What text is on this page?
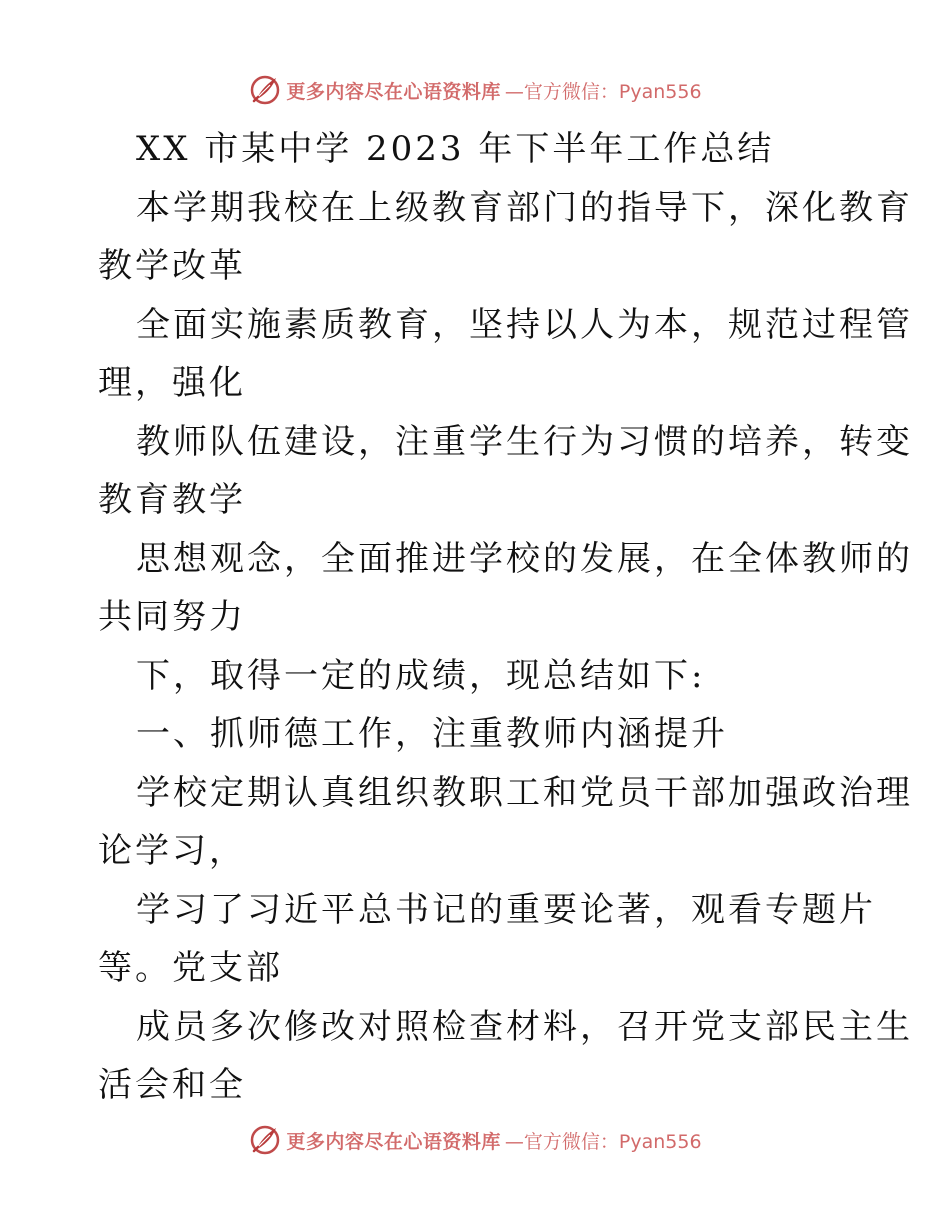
更多内容尽在心语资料库 —官方微信：Pyan556
XX 市某中学 2023 年下半年工作总结
本学期我校在上级教育部门的指导下，深化教育
教学改革
全面实施素质教育，坚持以人为本，规范过程管
理，强化
教师队伍建设，注重学生行为习惯的培养，转变
教育教学
思想观念，全面推进学校的发展，在全体教师的
共同努力
下，取得一定的成绩，现总结如下:
一、抓师德工作，注重教师内涵提升
学校定期认真组织教职工和党员干部加强政治理
论学习，
学习了习近平总书记的重要论著，观看专题片
等。党支部
成员多次修改对照检查材料，召开党支部民主生
活会和全
更多内容尽在心语资料库 —官方微信：Pyan556
